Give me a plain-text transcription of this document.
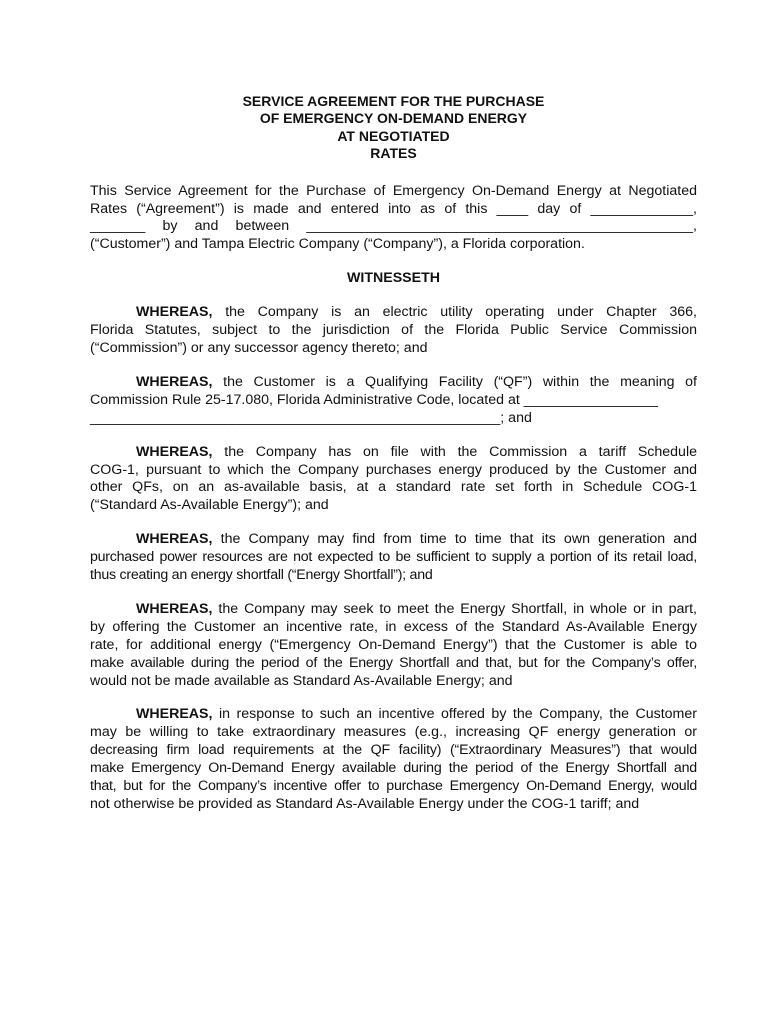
SERVICE AGREEMENT FOR THE PURCHASE
OF EMERGENCY ON-DEMAND ENERGY
AT NEGOTIATED
RATES
This Service Agreement for the Purchase of Emergency On-Demand Energy at Negotiated
Rates (“Agreement”) is made and entered into as of this ____ day of _____________,
_______ by and between _________________________________________________,
(“Customer”) and Tampa Electric Company (“Company”), a Florida corporation.
WITNESSETH
WHEREAS, the Company is an electric utility operating under Chapter 366,
Florida Statutes, subject to the jurisdiction of the Florida Public Service Commission
(“Commission”) or any successor agency thereto; and
WHEREAS, the Customer is a Qualifying Facility (“QF”) within the meaning of
Commission Rule 25-17.080, Florida Administrative Code, located at _________________
____________________________________________________; and
WHEREAS, the Company has on file with the Commission a tariff Schedule
COG-1, pursuant to which the Company purchases energy produced by the Customer and
other QFs, on an as-available basis, at a standard rate set forth in Schedule COG-1
(“Standard As-Available Energy”); and
WHEREAS, the Company may find from time to time that its own generation and
purchased power resources are not expected to be sufficient to supply a portion of its retail load,
thus creating an energy shortfall (“Energy Shortfall”); and
WHEREAS, the Company may seek to meet the Energy Shortfall, in whole or in part,
by offering the Customer an incentive rate, in excess of the Standard As-Available Energy
rate, for additional energy (“Emergency On-Demand Energy”) that the Customer is able to
make available during the period of the Energy Shortfall and that, but for the Company’s offer,
would not be made available as Standard As-Available Energy; and
WHEREAS, in response to such an incentive offered by the Company, the Customer
may be willing to take extraordinary measures (e.g., increasing QF energy generation or
decreasing firm load requirements at the QF facility) (“Extraordinary Measures”) that would
make Emergency On-Demand Energy available during the period of the Energy Shortfall and
that, but for the Company’s incentive offer to purchase Emergency On-Demand Energy, would
not otherwise be provided as Standard As-Available Energy under the COG-1 tariff; and
